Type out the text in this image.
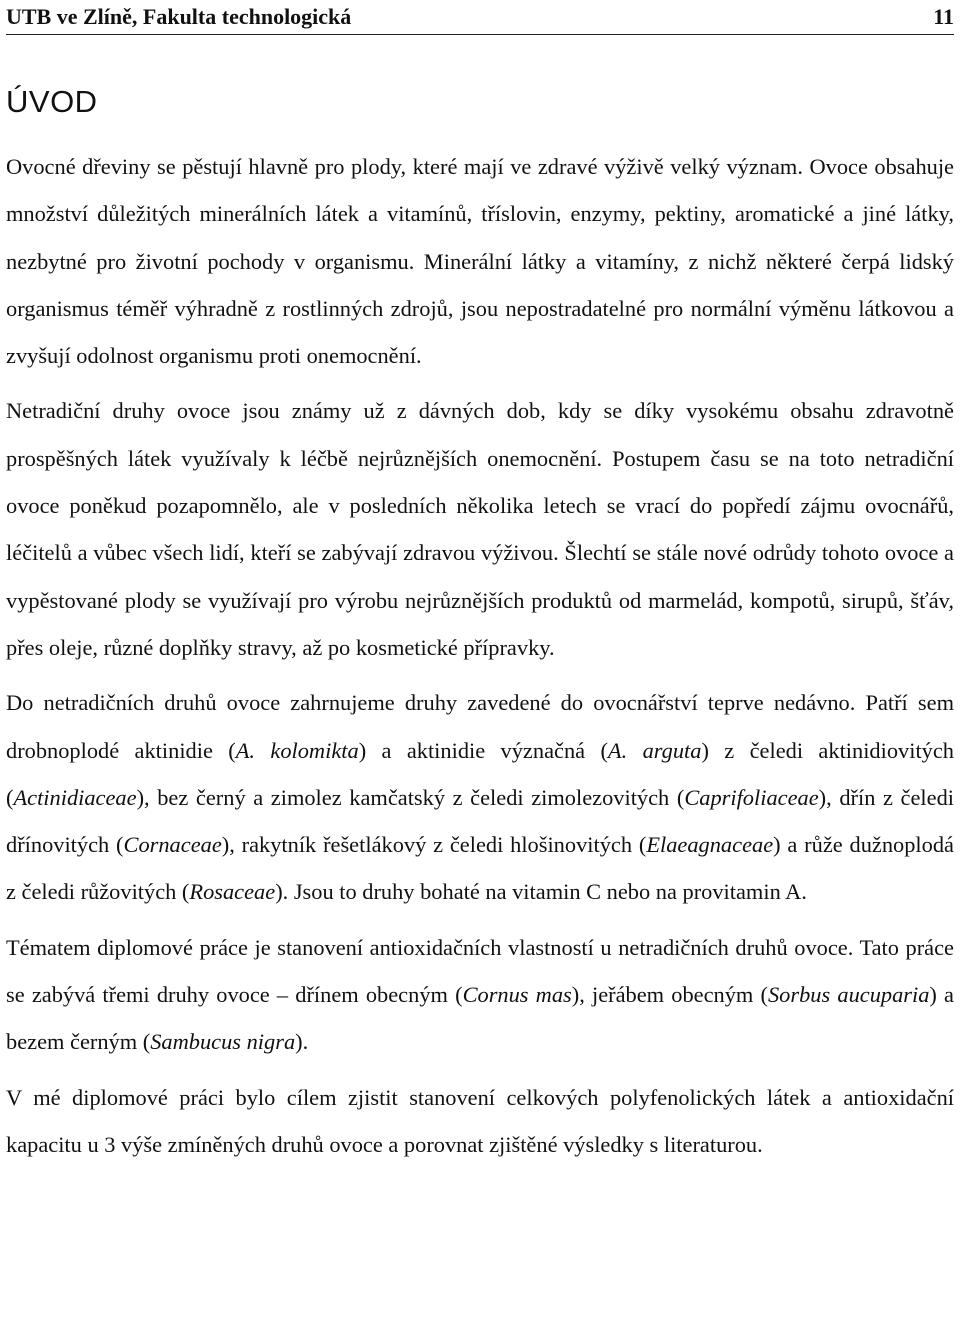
UTB ve Zlíně, Fakulta technologická	11
ÚVOD

Ovocné dřeviny se pěstují hlavně pro plody, které mají ve zdravé výživě velký význam. Ovoce obsahuje množství důležitých minerálních látek a vitamínů, tříslovin, enzymy, pektiny, aromatické a jiné látky, nezbytné pro životní pochody v organismu. Minerální látky a vitamíny, z nichž některé čerpá lidský organismus téměř výhradně z rostlinných zdrojů, jsou nepostradatelné pro normální výměnu látkovou a zvyšují odolnost organismu proti onemocnění.

Netradiční druhy ovoce jsou známy už z dávných dob, kdy se díky vysokému obsahu zdravotně prospěšných látek využívaly k léčbě nejrůznějších onemocnění. Postupem času se na toto netradiční ovoce poněkud pozapomnělo, ale v posledních několika letech se vrací do popředí zájmu ovocnářů, léčitelů a vůbec všech lidí, kteří se zabývají zdravou výživou. Šlechtí se stále nové odrůdy tohoto ovoce a vypěstované plody se využívají pro výrobu nejrůznějších produktů od marmelád, kompotů, sirupů, šťáv, přes oleje, různé doplňky stravy, až po kosmetické přípravky.

Do netradičních druhů ovoce zahrnujeme druhy zavedené do ovocnářství teprve nedávno. Patří sem drobnoplodé aktinidie (A. kolomikta) a aktinidie význačná (A. arguta) z čeledi aktinidiovitých (Actinidiaceae), bez černý a zimolez kamčatský z čeledi zimolezovitých (Caprifoliaceae), dřín z čeledi dřínovitých (Cornaceae), rakytník řešetlákový z čeledi hlošinovitých (Elaeagnaceae) a růže dužnoplodá z čeledi růžovitých (Rosaceae). Jsou to druhy bohaté na vitamin C nebo na provitamin A.

Tématem diplomové práce je stanovení antioxidačních vlastností u netradičních druhů ovoce. Tato práce se zabývá třemi druhy ovoce – dřínem obecným (Cornus mas), jeřábem obecným (Sorbus aucuparia) a bezem černým (Sambucus nigra).

V mé diplomové práci bylo cílem zjistit stanovení celkových polyfenolických látek a antioxidační kapacitu u 3 výše zmíněných druhů ovoce a porovnat zjištěné výsledky s literaturou.
